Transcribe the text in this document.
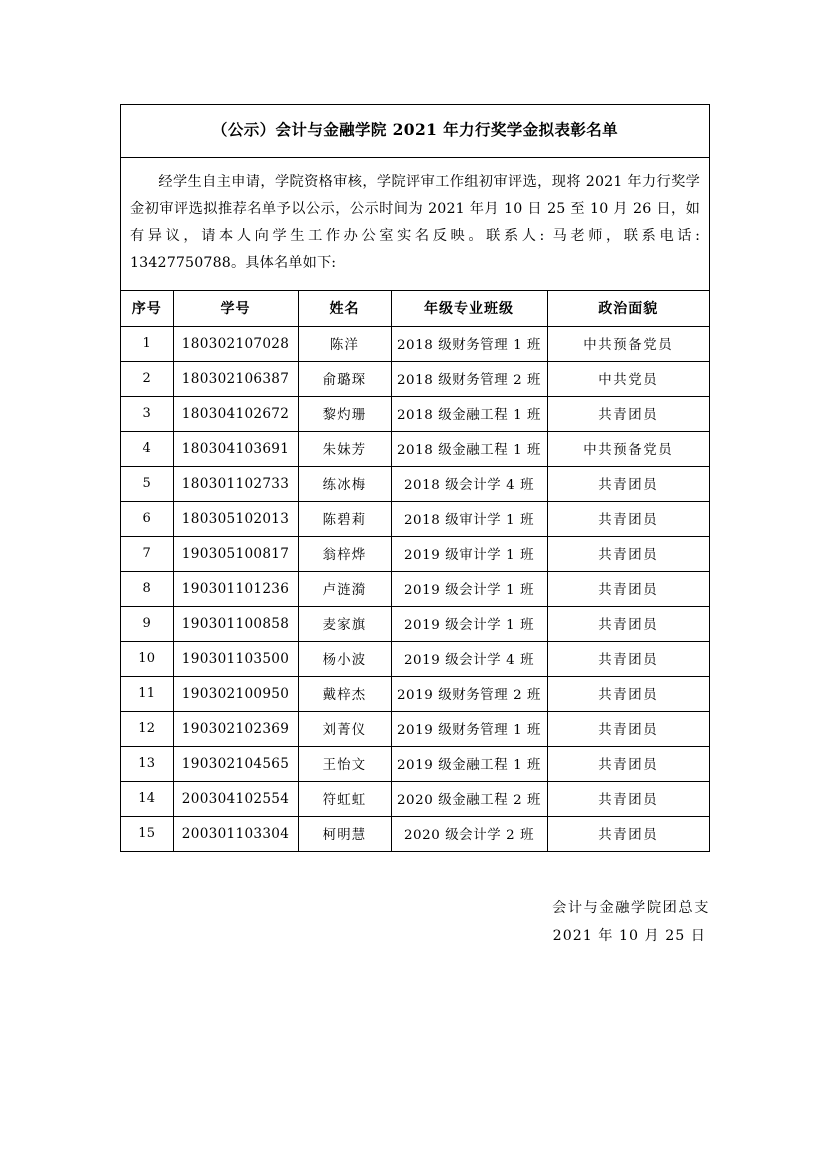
（公示）会计与金融学院 2021 年力行奖学金拟表彰名单

经学生自主申请，学院资格审核，学院评审工作组初审评选，现将 2021 年力行奖学金初审评选拟推荐名单予以公示，公示时间为 2021 年月 10 日 25 至 10 月 26 日，如有异议，请本人向学生工作办公室实名反映。联系人: 马老师，联系电话: 13427750788。具体名单如下:

序号	学号	姓名	年级专业班级	政治面貌
1	180302107028	陈洋	2018 级财务管理 1 班	中共预备党员
2	180302106387	俞璐琛	2018 级财务管理 2 班	中共党员
3	180304102672	黎灼珊	2018 级金融工程 1 班	共青团员
4	180304103691	朱妹芳	2018 级金融工程 1 班	中共预备党员
5	180301102733	练冰梅	2018 级会计学 4 班	共青团员
6	180305102013	陈碧莉	2018 级审计学 1 班	共青团员
7	190305100817	翁梓烨	2019 级审计学 1 班	共青团员
8	190301101236	卢涟漪	2019 级会计学 1 班	共青团员
9	190301100858	麦家旗	2019 级会计学 1 班	共青团员
10	190301103500	杨小波	2019 级会计学 4 班	共青团员
11	190302100950	戴梓杰	2019 级财务管理 2 班	共青团员
12	190302102369	刘菁仪	2019 级财务管理 1 班	共青团员
13	190302104565	王怡文	2019 级金融工程 1 班	共青团员
14	200304102554	符虹虹	2020 级金融工程 2 班	共青团员
15	200301103304	柯明慧	2020 级会计学 2 班	共青团员
会计与金融学院团总支
2021 年 10 月 25 日
